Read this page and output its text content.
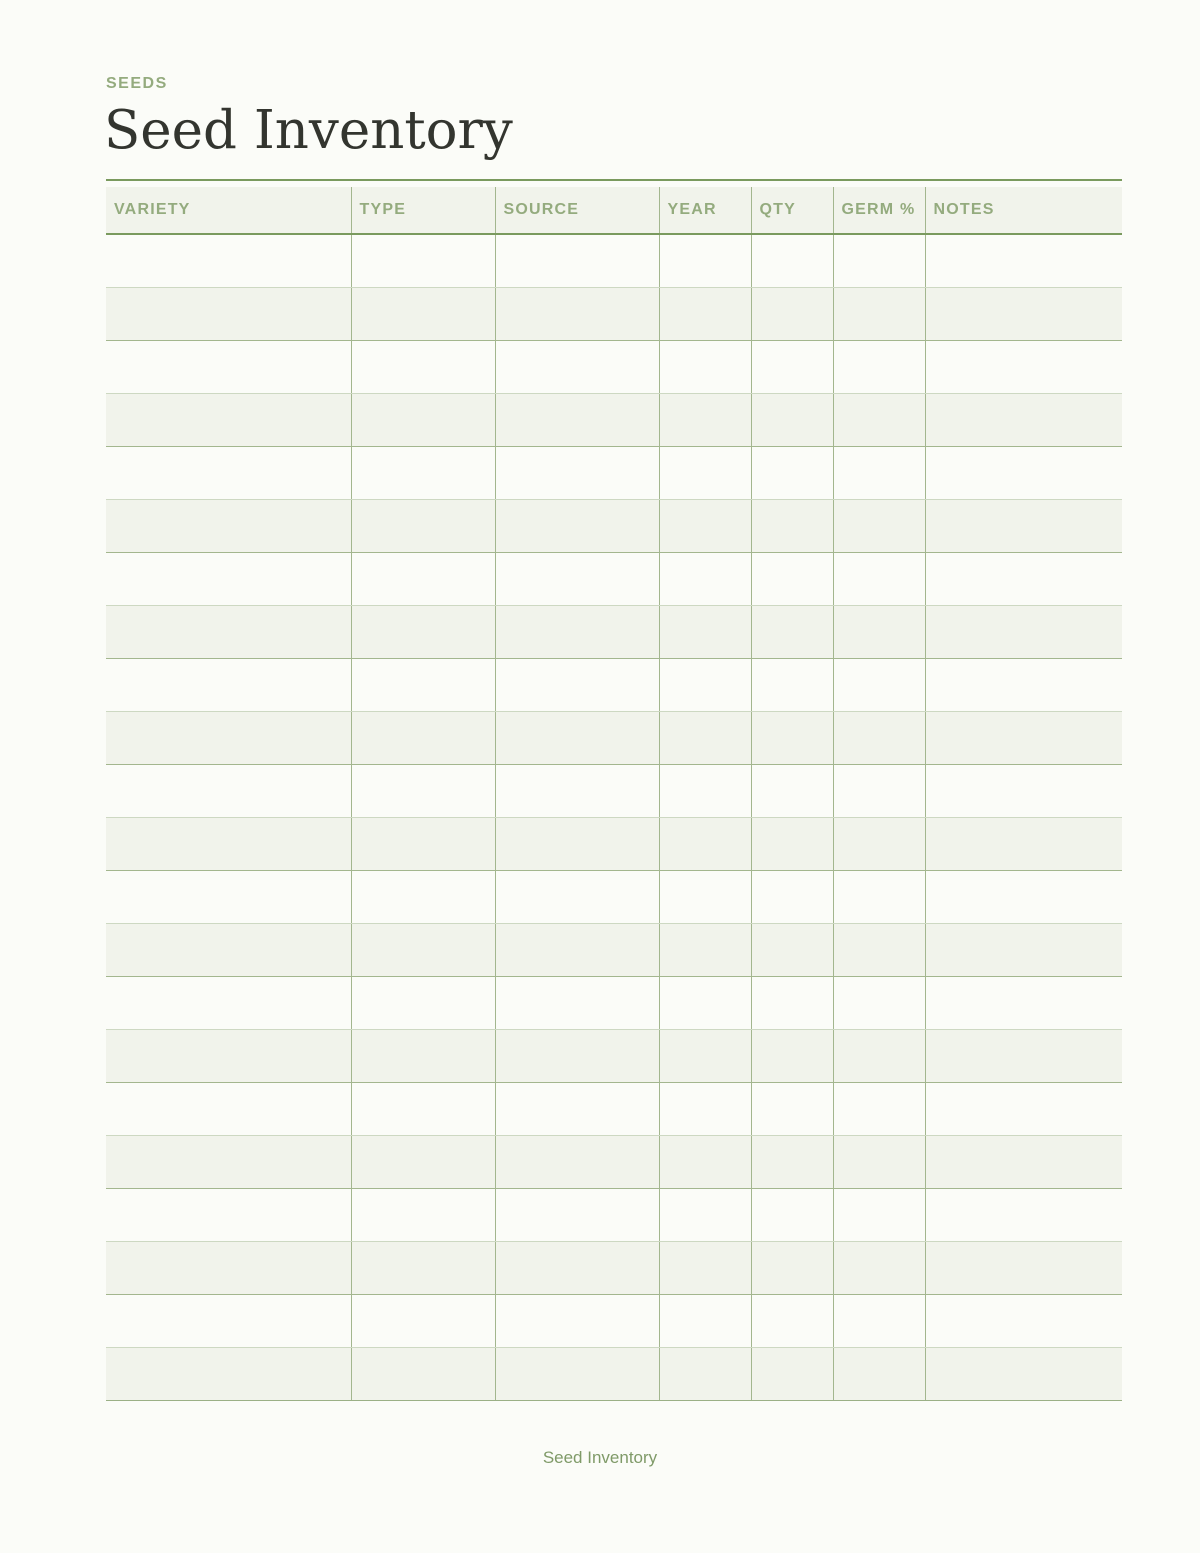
SEEDS
Seed Inventory
VARIETY	TYPE	SOURCE	YEAR	QTY	GERM %	NOTES

Seed Inventory
